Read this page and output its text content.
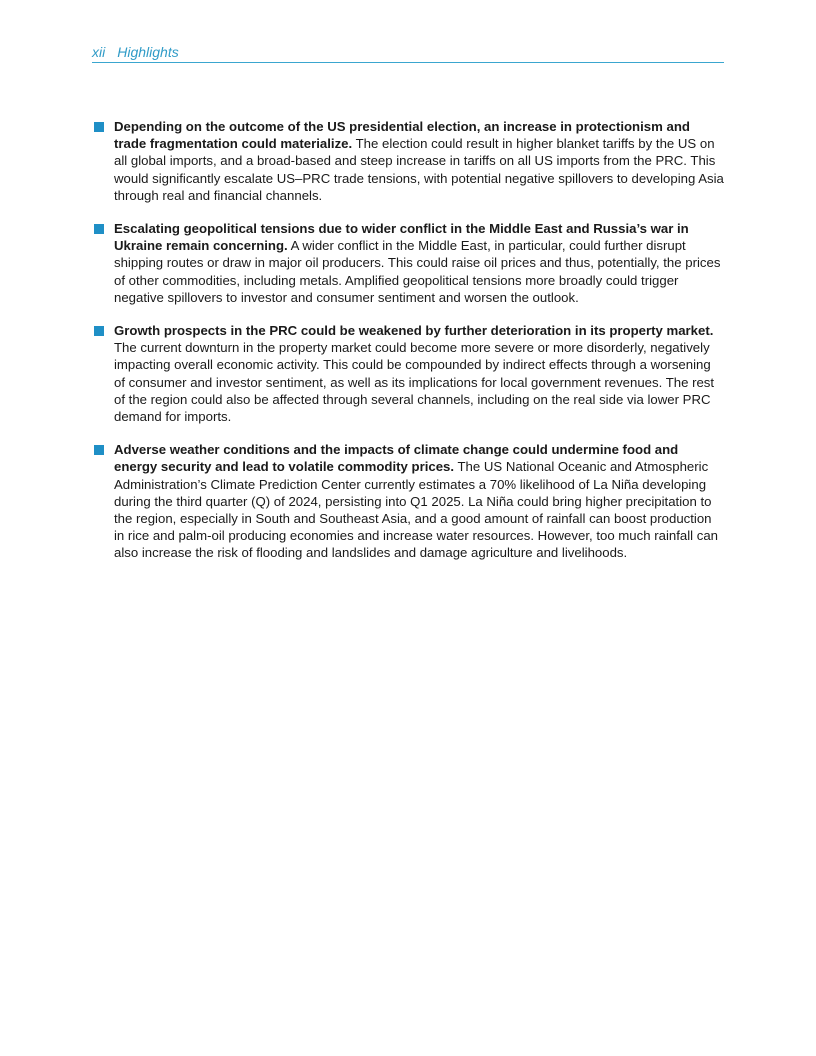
xii Highlights
Depending on the outcome of the US presidential election, an increase in protectionism and trade fragmentation could materialize. The election could result in higher blanket tariffs by the US on all global imports, and a broad-based and steep increase in tariffs on all US imports from the PRC. This would significantly escalate US–PRC trade tensions, with potential negative spillovers to developing Asia through real and financial channels.
Escalating geopolitical tensions due to wider conflict in the Middle East and Russia’s war in Ukraine remain concerning. A wider conflict in the Middle East, in particular, could further disrupt shipping routes or draw in major oil producers. This could raise oil prices and thus, potentially, the prices of other commodities, including metals. Amplified geopolitical tensions more broadly could trigger negative spillovers to investor and consumer sentiment and worsen the outlook.
Growth prospects in the PRC could be weakened by further deterioration in its property market. The current downturn in the property market could become more severe or more disorderly, negatively impacting overall economic activity. This could be compounded by indirect effects through a worsening of consumer and investor sentiment, as well as its implications for local government revenues. The rest of the region could also be affected through several channels, including on the real side via lower PRC demand for imports.
Adverse weather conditions and the impacts of climate change could undermine food and energy security and lead to volatile commodity prices. The US National Oceanic and Atmospheric Administration’s Climate Prediction Center currently estimates a 70% likelihood of La Niña developing during the third quarter (Q) of 2024, persisting into Q1 2025. La Niña could bring higher precipitation to the region, especially in South and Southeast Asia, and a good amount of rainfall can boost production in rice and palm-oil producing economies and increase water resources. However, too much rainfall can also increase the risk of flooding and landslides and damage agriculture and livelihoods.
